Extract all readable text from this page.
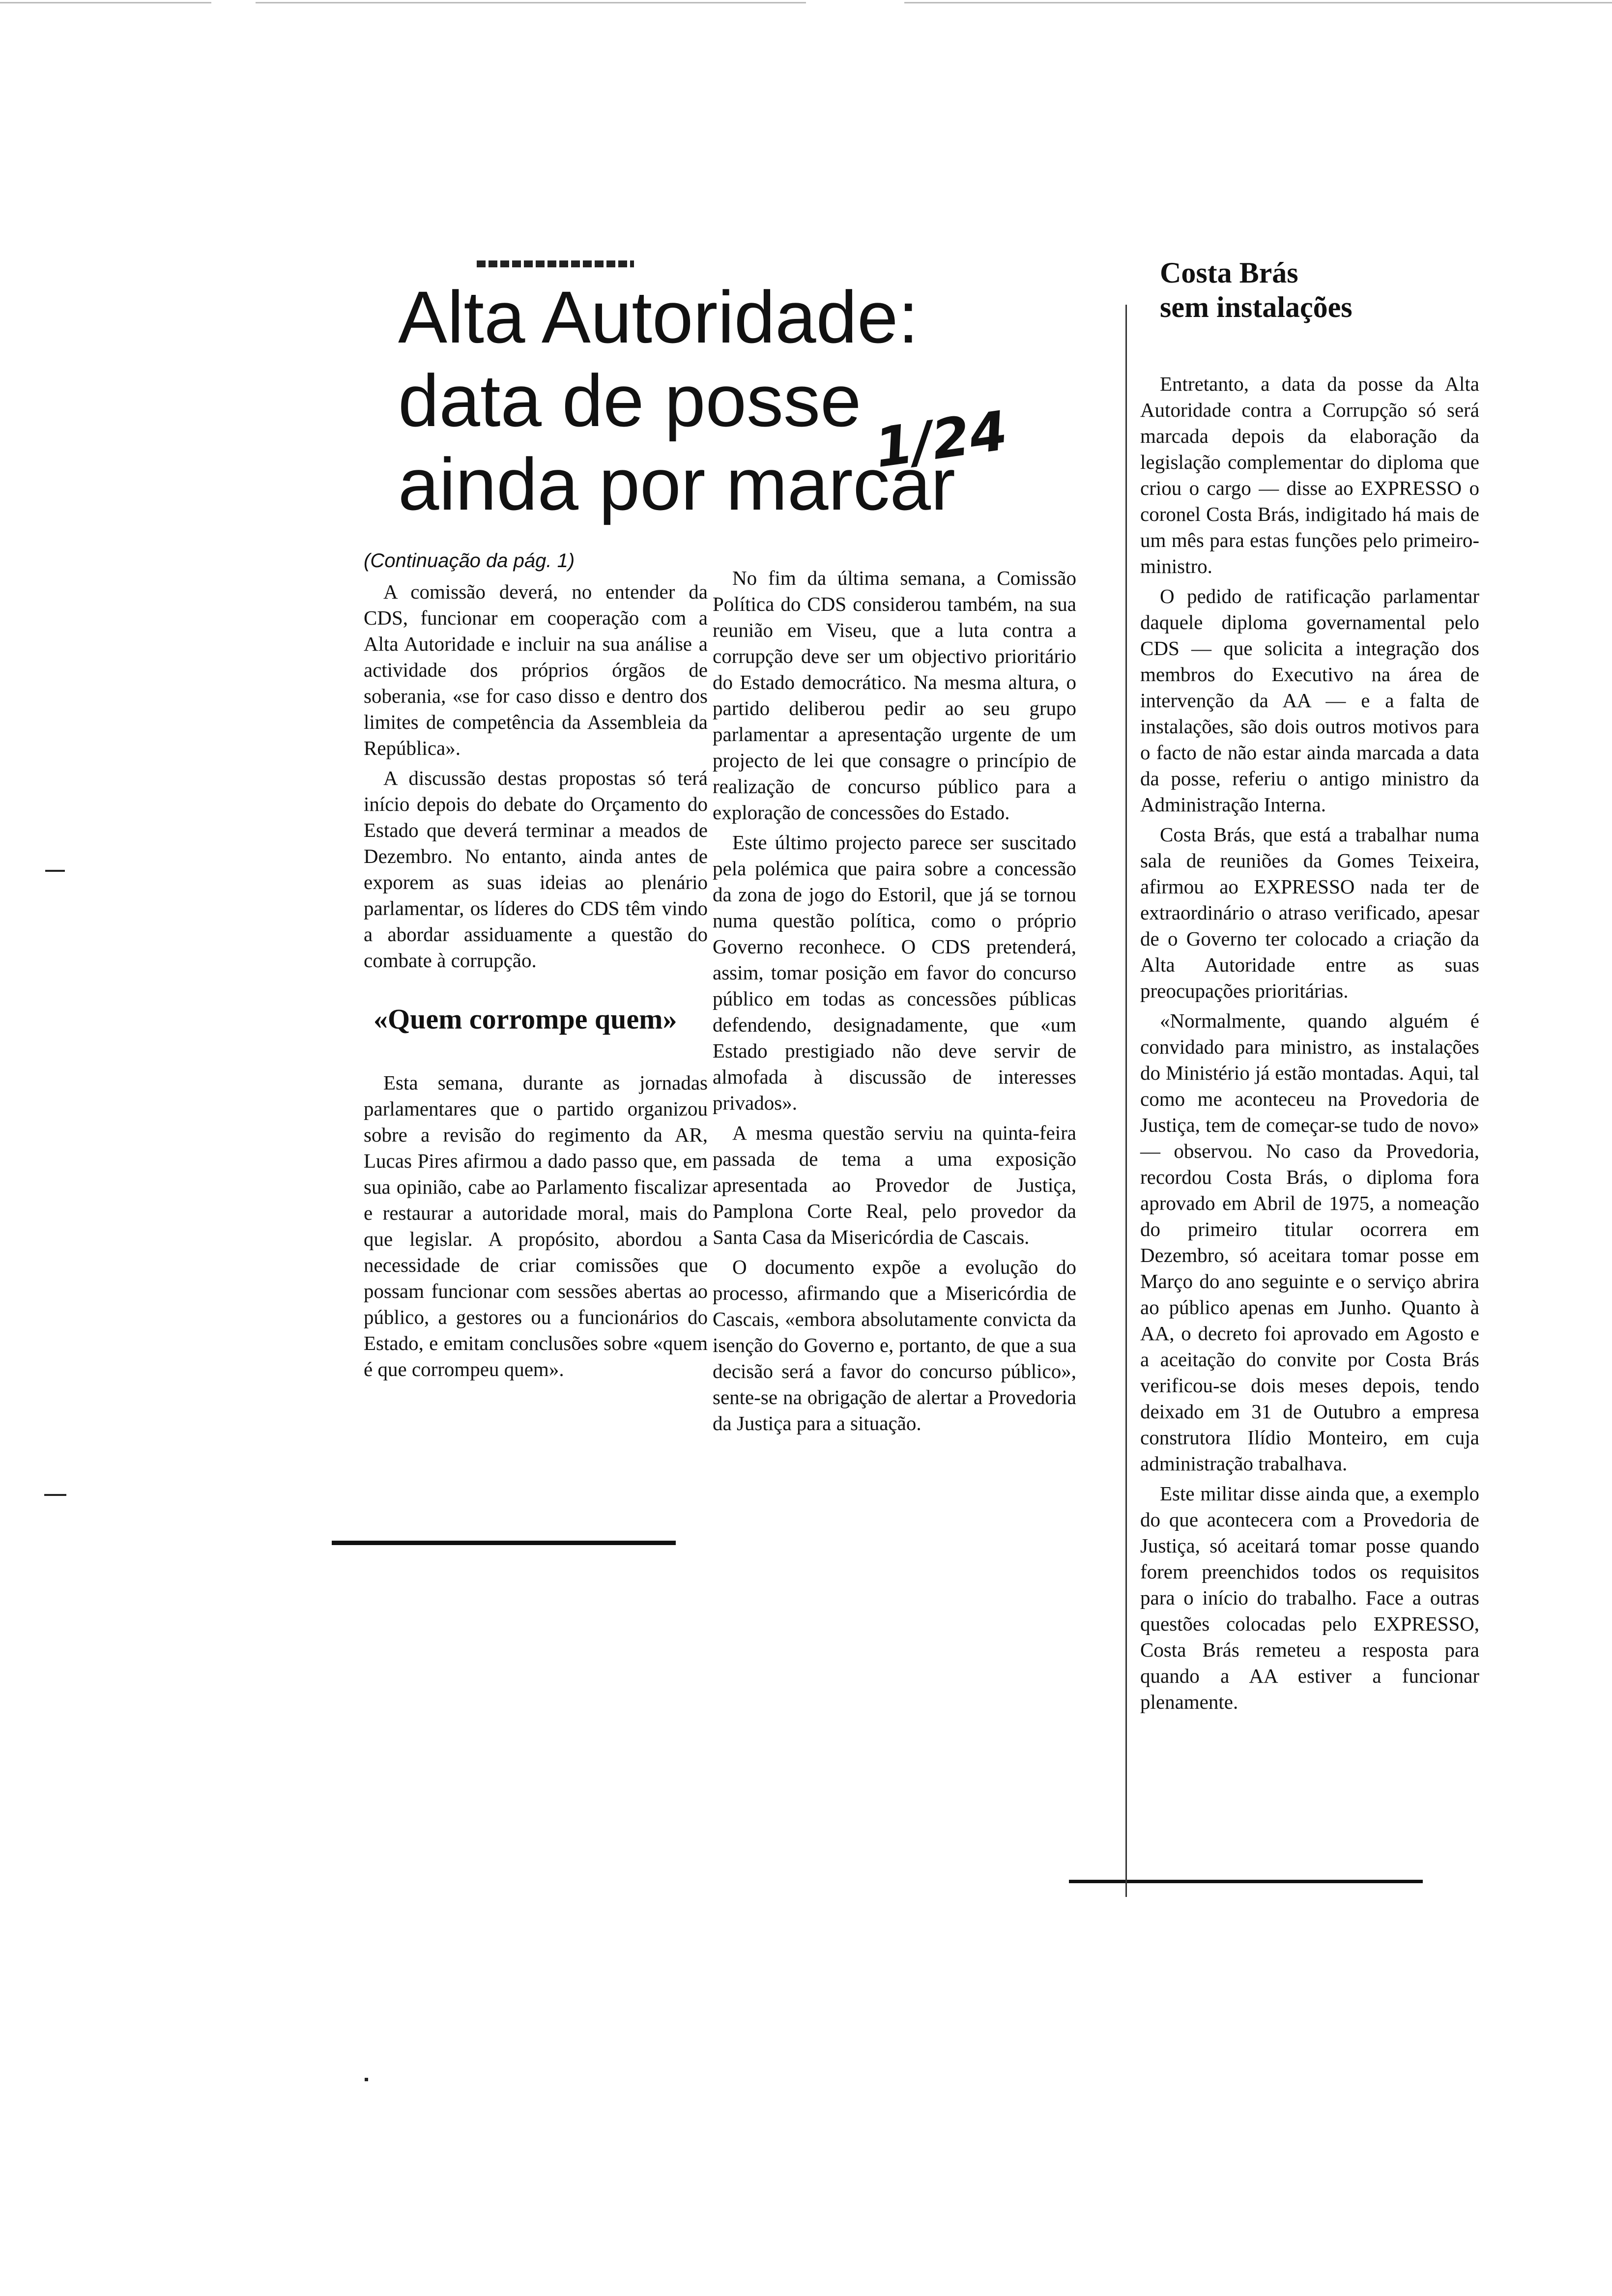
Alta Autoridade:
data de posse
ainda por marcar
1/24
(Continuação da pág. 1)

A comissão deverá, no entender da CDS, funcionar em cooperação com a Alta Autoridade e incluir na sua análise a actividade dos próprios órgãos de soberania, «se for caso disso e dentro dos limites de competência da Assembleia da República».

A discussão destas propostas só terá início depois do debate do Orçamento do Estado que deverá terminar a meados de Dezembro. No entanto, ainda antes de exporem as suas ideias ao plenário parlamentar, os líderes do CDS têm vindo a abordar assiduamente a questão do combate à corrupção.

«Quem corrompe quem»

Esta semana, durante as jornadas parlamentares que o partido organizou sobre a revisão do regimento da AR, Lucas Pires afirmou a dado passo que, em sua opinião, cabe ao Parlamento fiscalizar e restaurar a autoridade moral, mais do que legislar. A propósito, abordou a necessidade de criar comissões que possam funcionar com sessões abertas ao público, a gestores ou a funcionários do Estado, e emitam conclusões sobre «quem é que corrompeu quem».

No fim da última semana, a Comissão Política do CDS considerou também, na sua reunião em Viseu, que a luta contra a corrupção deve ser um objectivo prioritário do Estado democrático. Na mesma altura, o partido deliberou pedir ao seu grupo parlamentar a apresentação urgente de um projecto de lei que consagre o princípio de realização de concurso público para a exploração de concessões do Estado.

Este último projecto parece ser suscitado pela polémica que paira sobre a concessão da zona de jogo do Estoril, que já se tornou numa questão política, como o próprio Governo reconhece. O CDS pretenderá, assim, tomar posição em favor do concurso público em todas as concessões públicas defendendo, designadamente, que «um Estado prestigiado não deve servir de almofada à discussão de interesses privados».

A mesma questão serviu na quinta-feira passada de tema a uma exposição apresentada ao Provedor de Justiça, Pamplona Corte Real, pelo provedor da Santa Casa da Misericórdia de Cascais.

O documento expõe a evolução do processo, afirmando que a Misericórdia de Cascais, «embora absolutamente convicta da isenção do Governo e, portanto, de que a sua decisão será a favor do concurso público», sente-se na obrigação de alertar a Provedoria da Justiça para a situação.

Costa Brás
sem instalações

Entretanto, a data da posse da Alta Autoridade contra a Corrupção só será marcada depois da elaboração da legislação complementar do diploma que criou o cargo — disse ao EXPRESSO o coronel Costa Brás, indigitado há mais de um mês para estas funções pelo primeiro-ministro.

O pedido de ratificação parlamentar daquele diploma governamental pelo CDS — que solicita a integração dos membros do Executivo na área de intervenção da AA — e a falta de instalações, são dois outros motivos para o facto de não estar ainda marcada a data da posse, referiu o antigo ministro da Administração Interna.

Costa Brás, que está a trabalhar numa sala de reuniões da Gomes Teixeira, afirmou ao EXPRESSO nada ter de extraordinário o atraso verificado, apesar de o Governo ter colocado a criação da Alta Autoridade entre as suas preocupações prioritárias.

«Normalmente, quando alguém é convidado para ministro, as instalações do Ministério já estão montadas. Aqui, tal como me aconteceu na Provedoria de Justiça, tem de começar-se tudo de novo» — observou. No caso da Provedoria, recordou Costa Brás, o diploma fora aprovado em Abril de 1975, a nomeação do primeiro titular ocorrera em Dezembro, só aceitara tomar posse em Março do ano seguinte e o serviço abrira ao público apenas em Junho. Quanto à AA, o decreto foi aprovado em Agosto e a aceitação do convite por Costa Brás verificou-se dois meses depois, tendo deixado em 31 de Outubro a empresa construtora Ilídio Monteiro, em cuja administração trabalhava.

Este militar disse ainda que, a exemplo do que acontecera com a Provedoria de Justiça, só aceitará tomar posse quando forem preenchidos todos os requisitos para o início do trabalho. Face a outras questões colocadas pelo EXPRESSO, Costa Brás remeteu a resposta para quando a AA estiver a funcionar plenamente.
